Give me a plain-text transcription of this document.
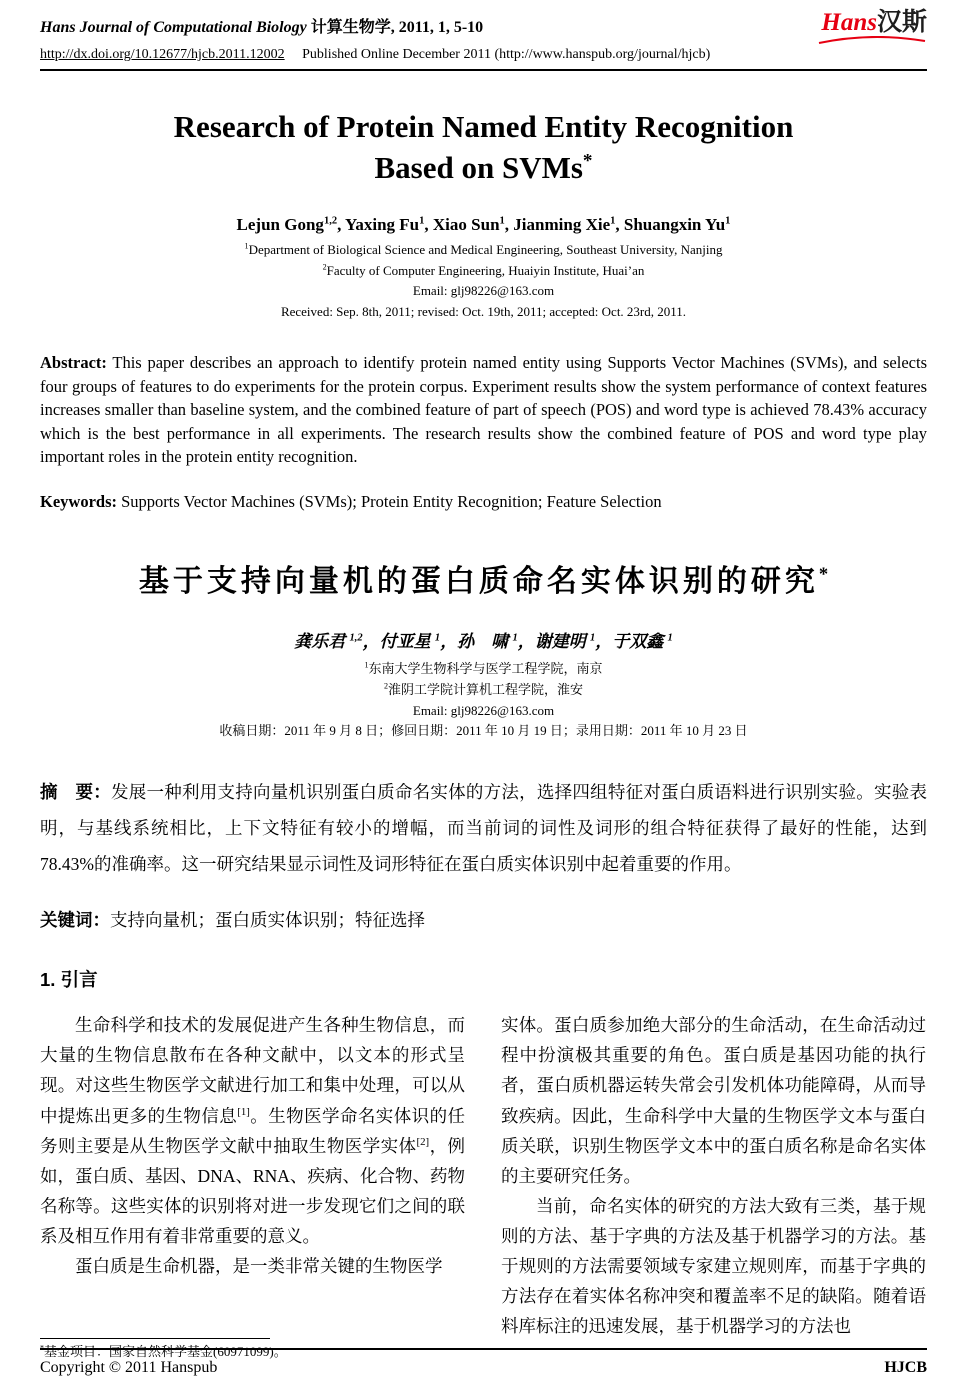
Hans Journal of Computational Biology 计算生物学, 2011, 1, 5-10	Hans汉斯
http://dx.doi.org/10.12677/hjcb.2011.12002 Published Online December 2011 (http://www.hanspub.org/journal/hjcb)
Research of Protein Named Entity Recognition
Based on SVMs*

Lejun Gong$^{1,2}$, Yaxing Fu$^1$, Xiao Sun$^1$, Jianming Xie$^1$, Shuangxin Yu$^1$

$^1$Department of Biological Science and Medical Engineering, Southeast University, Nanjing

$^2$Faculty of Computer Engineering, Huaiyin Institute, Huai’an

Email: glj98226@163.com

Received: Sep. 8th, 2011; revised: Oct. 19th, 2011; accepted: Oct. 23rd, 2011.

Abstract: This paper describes an approach to identify protein named entity using Supports Vector Machines (SVMs), and selects four groups of features to do experiments for the protein corpus. Experiment results show the system performance of context features increases smaller than baseline system, and the combined feature of part of speech (POS) and word type is achieved 78.43% accuracy which is the best performance in all experiments. The research results show the combined feature of POS and word type play important roles in the protein entity recognition.

Keywords: Supports Vector Machines (SVMs); Protein Entity Recognition; Feature Selection

基于支持向量机的蛋白质命名实体识别的研究*

龚乐君 $^{1,2}$，付亚星 $^1$，孙　啸 $^1$，谢建明 $^1$，于双鑫 $^1$

$^1$东南大学生物科学与医学工程学院，南京

$^2$淮阴工学院计算机工程学院，淮安

Email: glj98226@163.com

收稿日期：2011 年 9 月 8 日；修回日期：2011 年 10 月 19 日；录用日期：2011 年 10 月 23 日

摘　要：发展一种利用支持向量机识别蛋白质命名实体的方法，选择四组特征对蛋白质语料进行识别实验。实验表明，与基线系统相比，上下文特征有较小的增幅，而当前词的词性及词形的组合特征获得了最好的性能，达到 78.43%的准确率。这一研究结果显示词性及词形特征在蛋白质实体识别中起着重要的作用。

关键词：支持向量机；蛋白质实体识别；特征选择

1. 引言

生命科学和技术的发展促进产生各种生物信息，而大量的生物信息散布在各种文献中，以文本的形式呈现。对这些生物医学文献进行加工和集中处理，可以从中提炼出更多的生物信息[1]。生物医学命名实体识的任务则主要是从生物医学文献中抽取生物医学实体[2]，例如，蛋白质、基因、DNA、RNA、疾病、化合物、药物名称等。这些实体的识别将对进一步发现它们之间的联系及相互作用有着非常重要的意义。

蛋白质是生命机器，是一类非常关键的生物医学

*基金项目：国家自然科学基金(60971099)。

实体。蛋白质参加绝大部分的生命活动，在生命活动过程中扮演极其重要的角色。蛋白质是基因功能的执行者，蛋白质机器运转失常会引发机体功能障碍，从而导致疾病。因此，生命科学中大量的生物医学文本与蛋白质关联，识别生物医学文本中的蛋白质名称是命名实体的主要研究任务。

当前，命名实体的研究的方法大致有三类，基于规则的方法、基于字典的方法及基于机器学习的方法。基于规则的方法需要领域专家建立规则库，而基于字典的方法存在着实体名称冲突和覆盖率不足的缺陷。随着语料库标注的迅速发展，基于机器学习的方法也

Copyright © 2011 Hanspub	HJCB
